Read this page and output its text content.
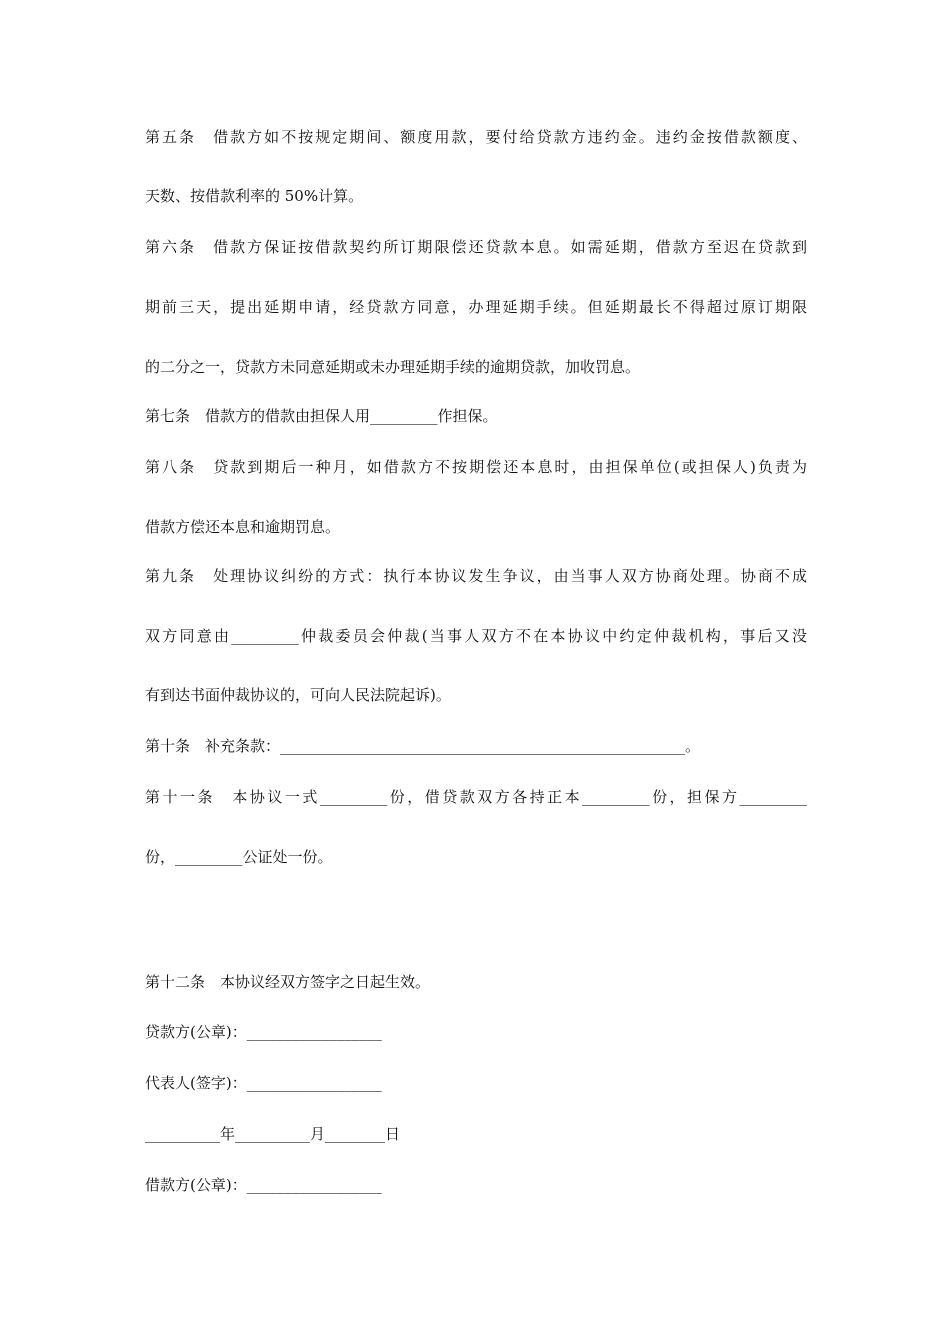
第五条　借款方如不按规定期间、额度用款，要付给贷款方违约金。违约金按借款额度、
天数、按借款利率的 50%计算。
第六条　借款方保证按借款契约所订期限偿还贷款本息。如需延期，借款方至迟在贷款到
期前三天，提出延期申请，经贷款方同意，办理延期手续。但延期最长不得超过原订期限
的二分之一，贷款方未同意延期或未办理延期手续的逾期贷款，加收罚息。
第七条　借款方的借款由担保人用_________作担保。
第八条　贷款到期后一种月，如借款方不按期偿还本息时，由担保单位(或担保人)负责为
借款方偿还本息和逾期罚息。
第九条　处理协议纠纷的方式：执行本协议发生争议，由当事人双方协商处理。协商不成
双方同意由_________仲裁委员会仲裁(当事人双方不在本协议中约定仲裁机构，事后又没
有到达书面仲裁协议的，可向人民法院起诉)。
第十条　补充条款：______________________________________________________。
第十一条　本协议一式_________份，借贷款双方各持正本_________份，担保方_________
份，_________公证处一份。
第十二条　本协议经双方签字之日起生效。
贷款方(公章)：__________________
代表人(签字)：__________________
__________年__________月________日
借款方(公章)：__________________
